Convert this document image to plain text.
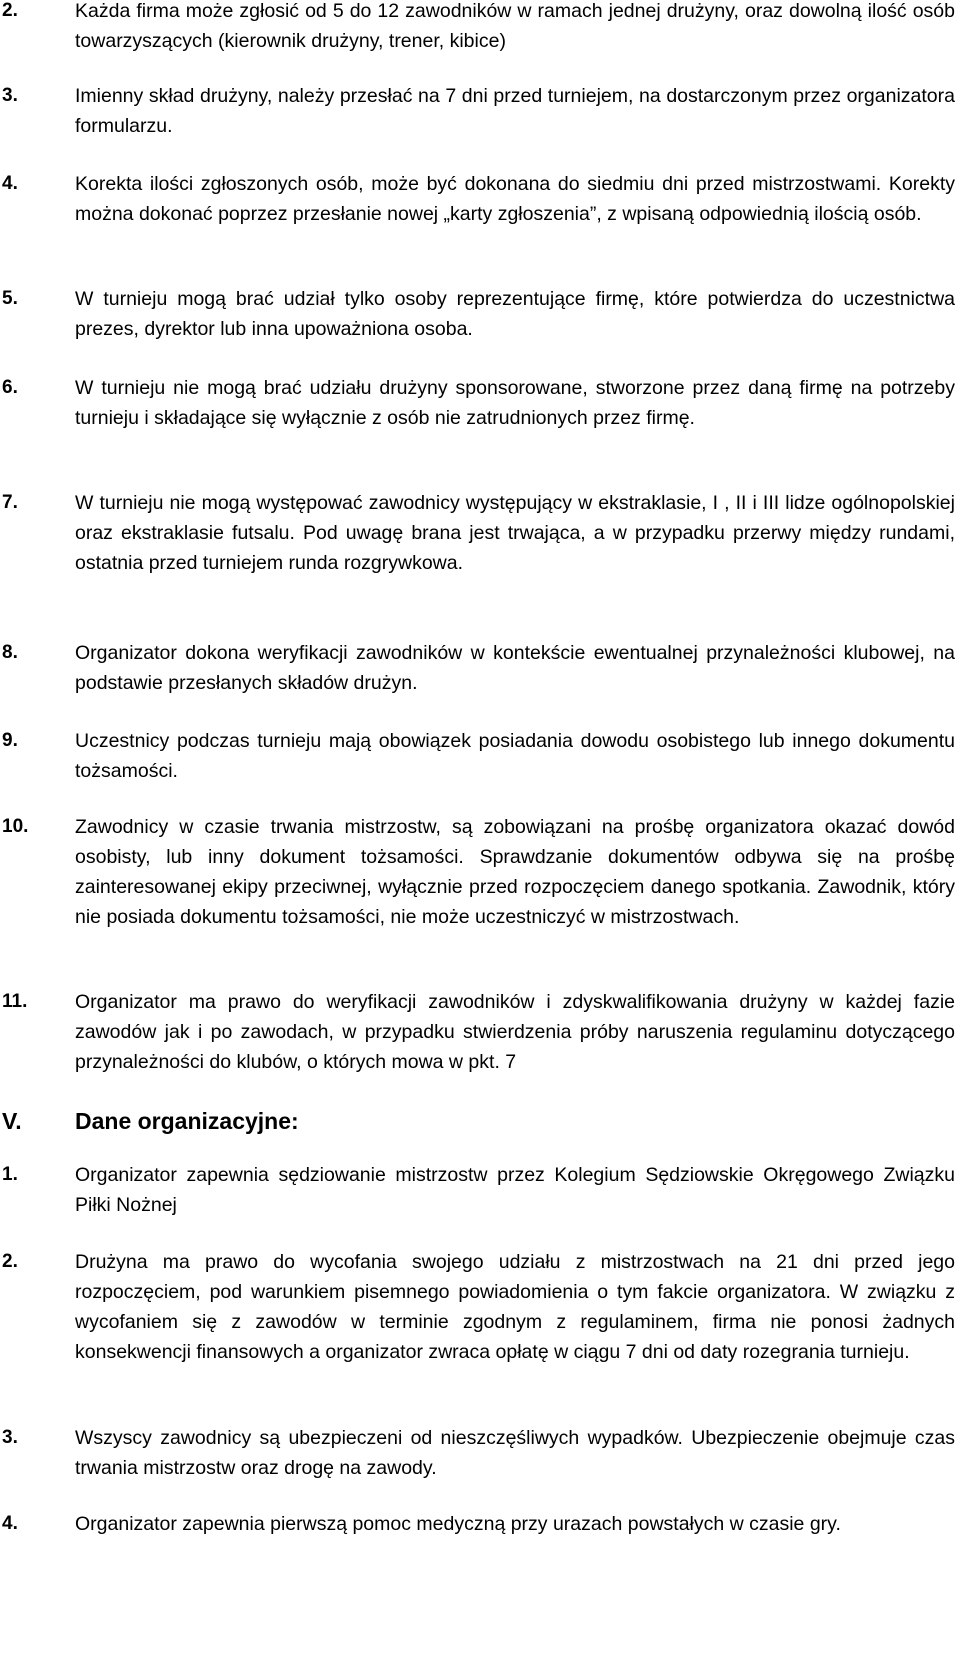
2.	Każda firma może zgłosić od 5 do 12 zawodników w ramach jednej drużyny, oraz dowolną ilość osób towarzyszących (kierownik drużyny, trener, kibice)
3.	Imienny skład drużyny, należy przesłać na 7 dni przed turniejem, na dostarczonym przez organizatora formularzu.
4.	Korekta ilości zgłoszonych osób, może być dokonana do siedmiu dni przed mistrzostwami. Korekty można dokonać poprzez przesłanie nowej „karty zgłoszenia”, z wpisaną odpowiednią ilością osób.
5.	W turnieju mogą brać udział tylko osoby reprezentujące firmę, które potwierdza do uczestnictwa prezes, dyrektor lub inna upoważniona osoba.
6.	W turnieju nie mogą brać udziału drużyny sponsorowane, stworzone przez daną firmę na potrzeby turnieju i składające się wyłącznie z osób nie zatrudnionych przez firmę.
7.	W turnieju nie mogą występować zawodnicy występujący w ekstraklasie, I , II i III lidze ogólnopolskiej oraz ekstraklasie futsalu. Pod uwagę brana jest trwająca, a w przypadku przerwy między rundami, ostatnia przed turniejem runda rozgrywkowa.
8.	Organizator dokona weryfikacji zawodników w kontekście ewentualnej przynależności klubowej, na podstawie przesłanych składów drużyn.
9.	Uczestnicy podczas turnieju mają obowiązek posiadania dowodu osobistego lub innego dokumentu tożsamości.
10. Zawodnicy w czasie trwania mistrzostw, są zobowiązani na prośbę organizatora okazać dowód osobisty, lub inny dokument tożsamości. Sprawdzanie dokumentów odbywa się na prośbę zainteresowanej ekipy przeciwnej, wyłącznie przed rozpoczęciem danego spotkania. Zawodnik, który nie posiada dokumentu tożsamości, nie może uczestniczyć w mistrzostwach.
11. Organizator ma prawo do weryfikacji zawodników i zdyskwalifikowania drużyny w każdej fazie zawodów jak i po zawodach, w przypadku stwierdzenia próby naruszenia regulaminu dotyczącego przynależności do klubów, o których mowa w pkt. 7
V. Dane organizacyjne:
1.	Organizator zapewnia sędziowanie mistrzostw przez Kolegium Sędziowskie Okręgowego Związku Piłki Nożnej
2.	Drużyna ma prawo do wycofania swojego udziału z mistrzostwach na 21 dni przed jego rozpoczęciem, pod warunkiem pisemnego powiadomienia o tym fakcie organizatora. W związku z wycofaniem się z zawodów w terminie zgodnym z regulaminem, firma nie ponosi żadnych konsekwencji finansowych a organizator zwraca opłatę w ciągu 7 dni od daty rozegrania turnieju.
3.	Wszyscy zawodnicy są ubezpieczeni od nieszczęśliwych wypadków. Ubezpieczenie obejmuje czas trwania mistrzostw oraz drogę na zawody.
4.	Organizator zapewnia pierwszą pomoc medyczną przy urazach powstałych w czasie gry.
